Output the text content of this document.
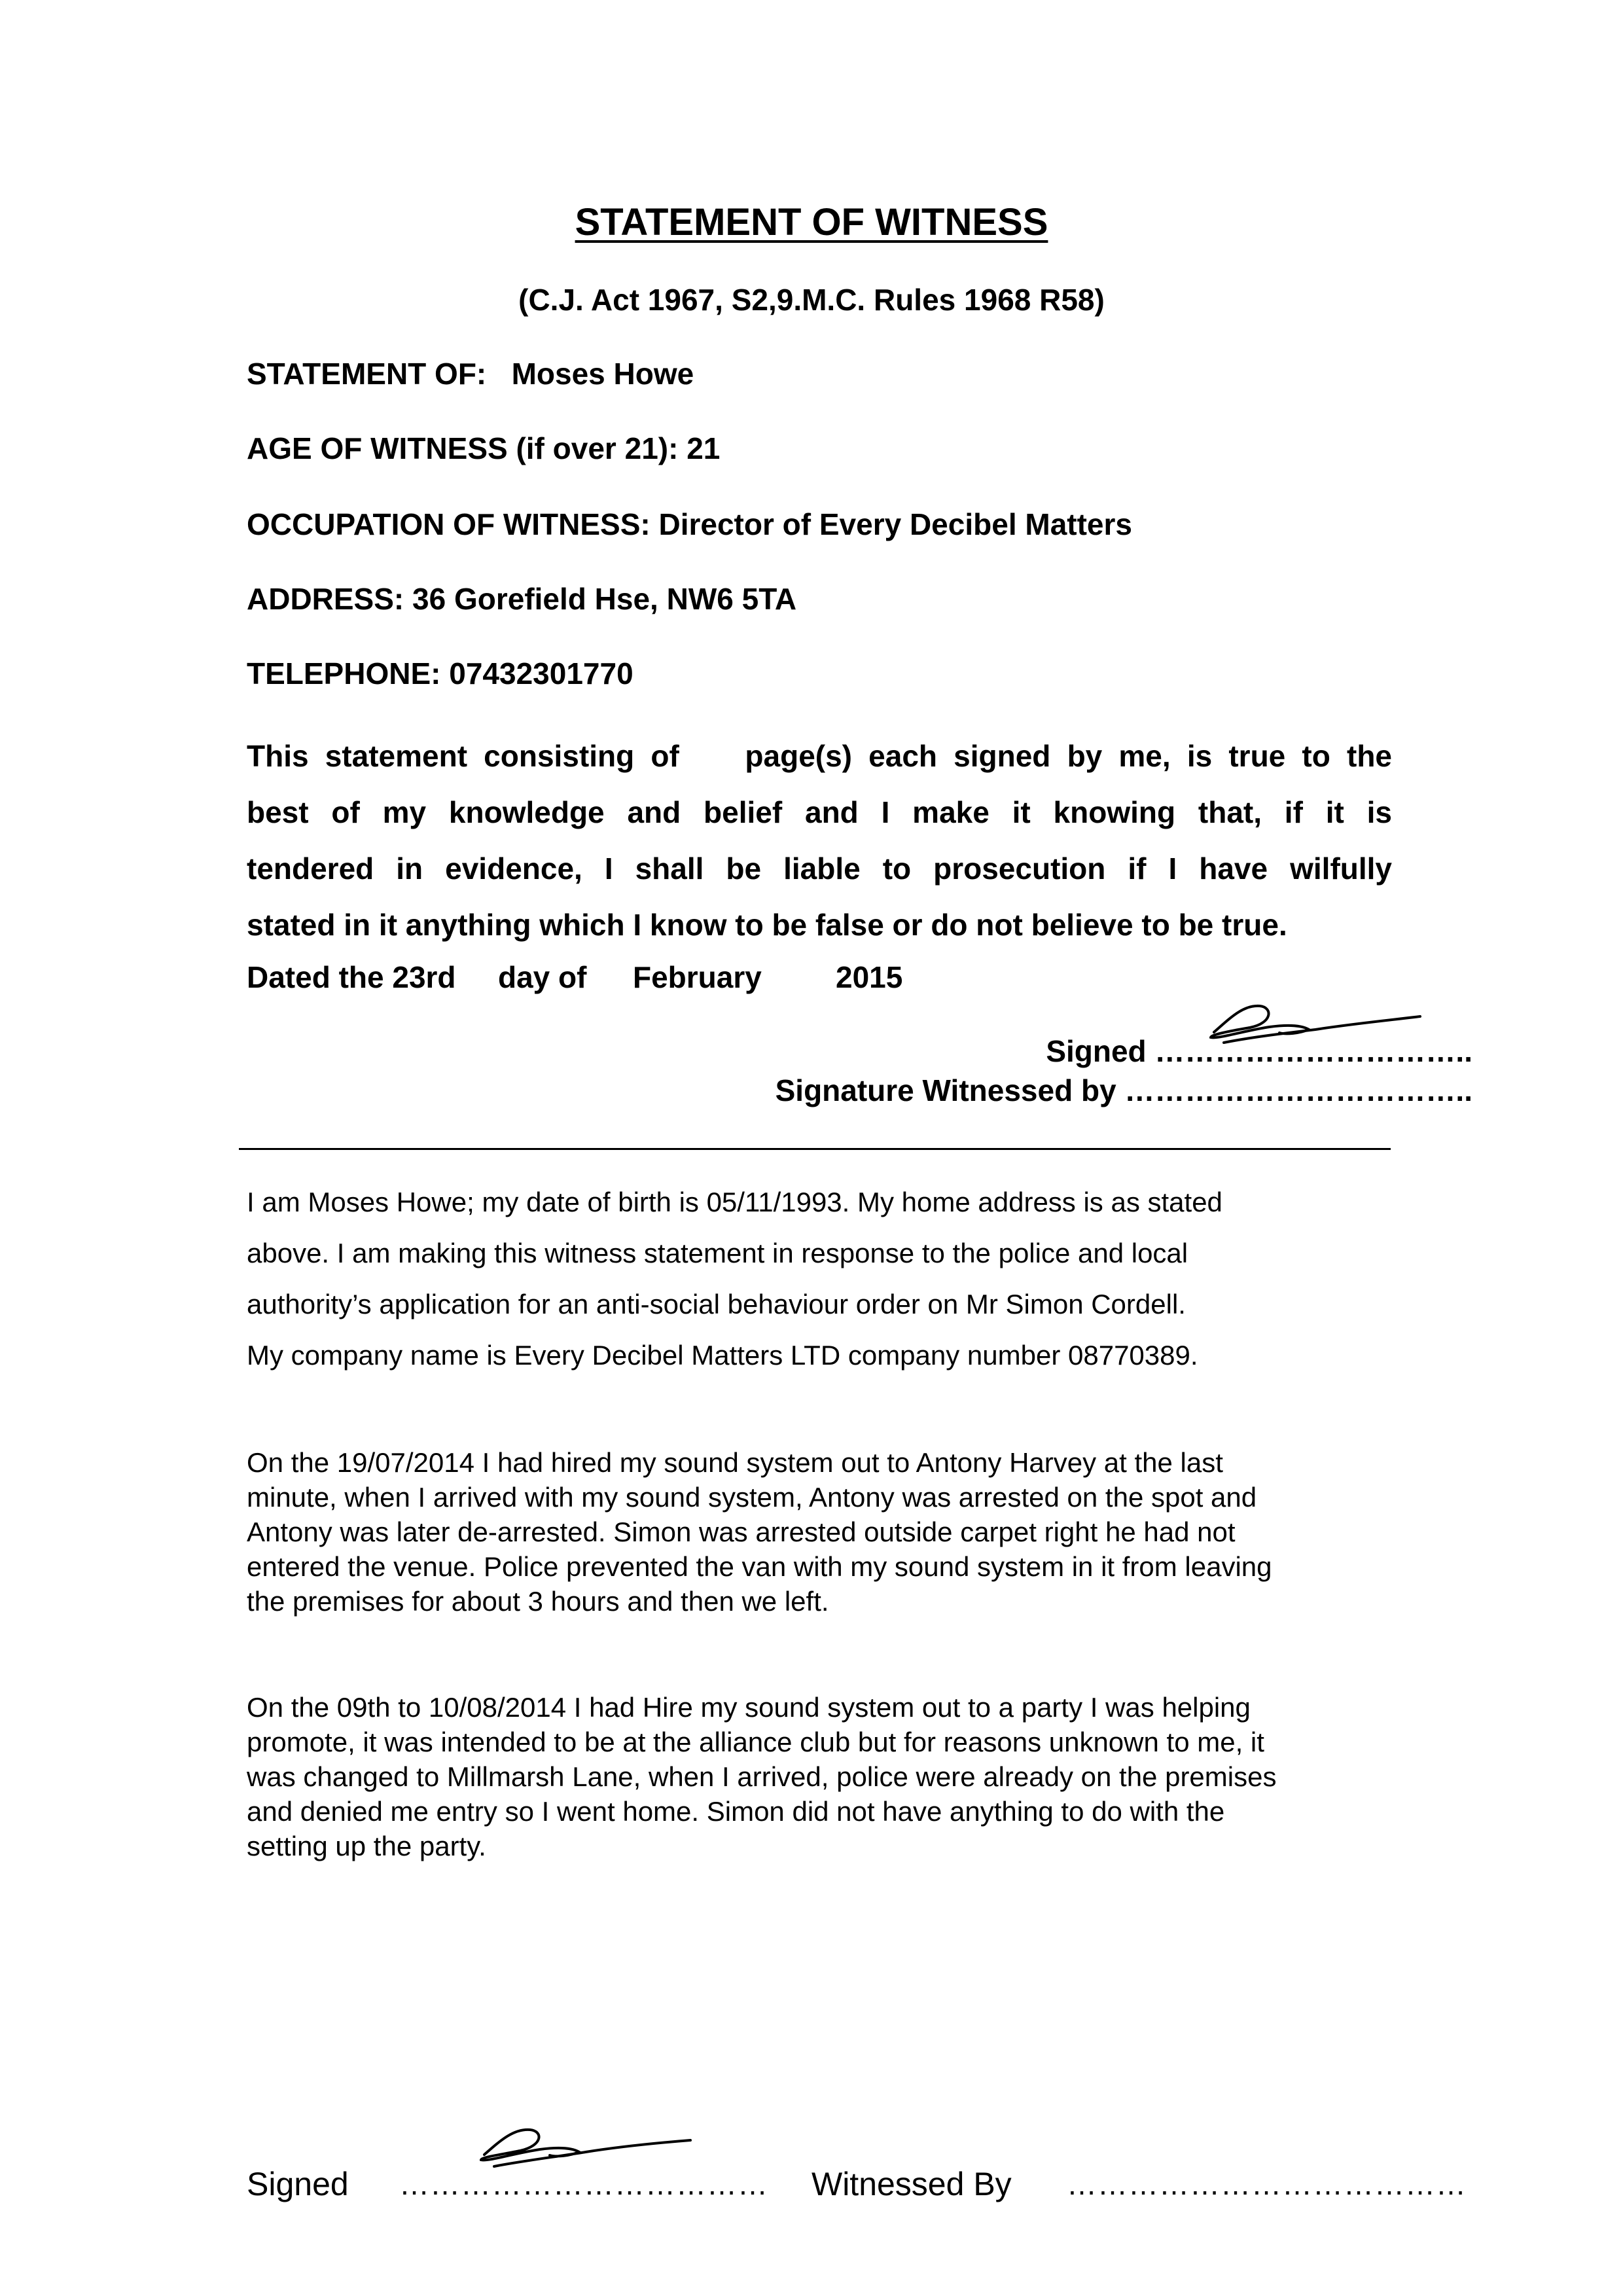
STATEMENT OF WITNESS
(C.J. Act 1967, S2,9.M.C. Rules 1968 R58)
STATEMENT OF:   Moses Howe
AGE OF WITNESS (if over 21): 21
OCCUPATION OF WITNESS: Director of Every Decibel Matters
ADDRESS: 36 Gorefield Hse, NW6 5TA
TELEPHONE: 07432301770
This statement consisting of    page(s) each signed by me, is true to the
best of my knowledge and belief and I make it knowing that, if it is
tendered in evidence, I shall be liable to prosecution if I have wilfully
stated in it anything which I know to be false or do not believe to be true.
Dated the 23rd day of February 2015
Signed …………………………..
Signature Witnessed by ……………………………..
I am Moses Howe; my date of birth is 05/11/1993. My home address is as stated
above. I am making this witness statement in response to the police and local
authority’s application for an anti-social behaviour order on Mr Simon Cordell.
My company name is Every Decibel Matters LTD company number 08770389.
On the 19/07/2014 I had hired my sound system out to Antony Harvey at the last
minute, when I arrived with my sound system, Antony was arrested on the spot and
Antony was later de-arrested. Simon was arrested outside carpet right he had not
entered the venue. Police prevented the van with my sound system in it from leaving
the premises for about 3 hours and then we left.
On the 09th to 10/08/2014 I had Hire my sound system out to a party I was helping
promote, it was intended to be at the alliance club but for reasons unknown to me, it
was changed to Millmarsh Lane, when I arrived, police were already on the premises
and denied me entry so I went home. Simon did not have anything to do with the
setting up the party.
Signed ……………………………… Witnessed By …………………………………
